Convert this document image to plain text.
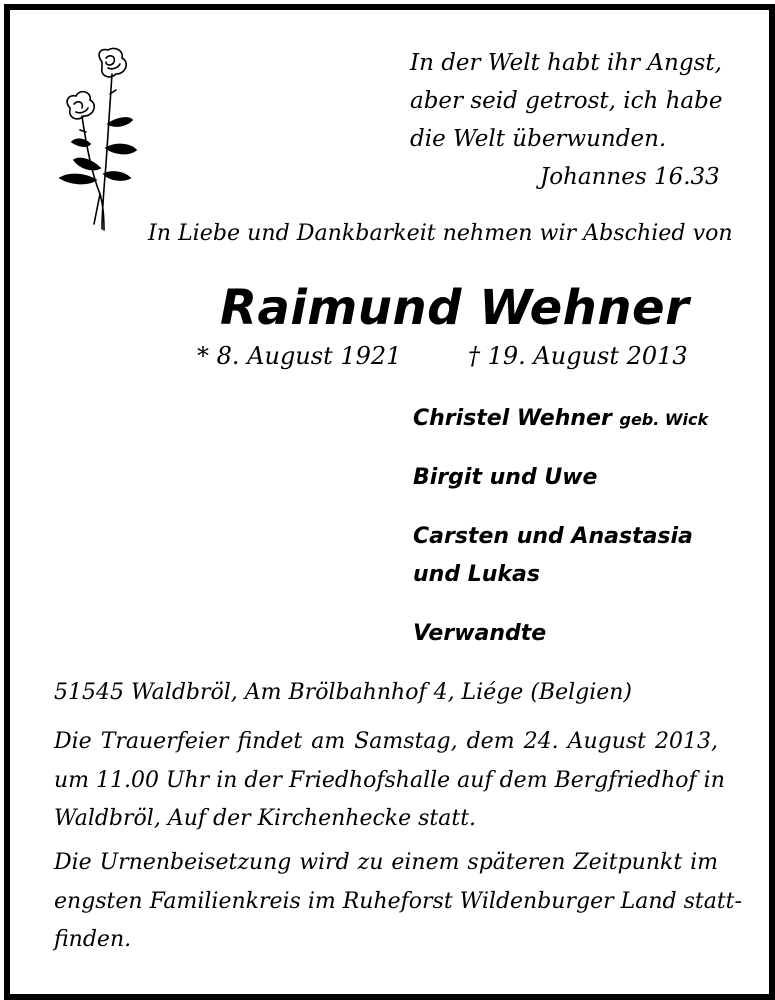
In der Welt habt ihr Angst,
aber seid getrost, ich habe
die Welt überwunden.
Johannes 16.33
In Liebe und Dankbarkeit nehmen wir Abschied von
Raimund Wehner
* 8. August 1921	† 19. August 2013
Christel Wehner geb. Wick
Birgit und Uwe
Carsten und Anastasia
und Lukas
Verwandte
51545 Waldbröl, Am Brölbahnhof 4, Liége (Belgien)
Die Trauerfeier findet am Samstag, dem 24. August 2013,
um 11.00 Uhr in der Friedhofshalle auf dem Bergfriedhof in
Waldbröl, Auf der Kirchenhecke statt.
Die Urnenbeisetzung wird zu einem späteren Zeitpunkt im
engsten Familienkreis im Ruheforst Wildenburger Land statt-
finden.
